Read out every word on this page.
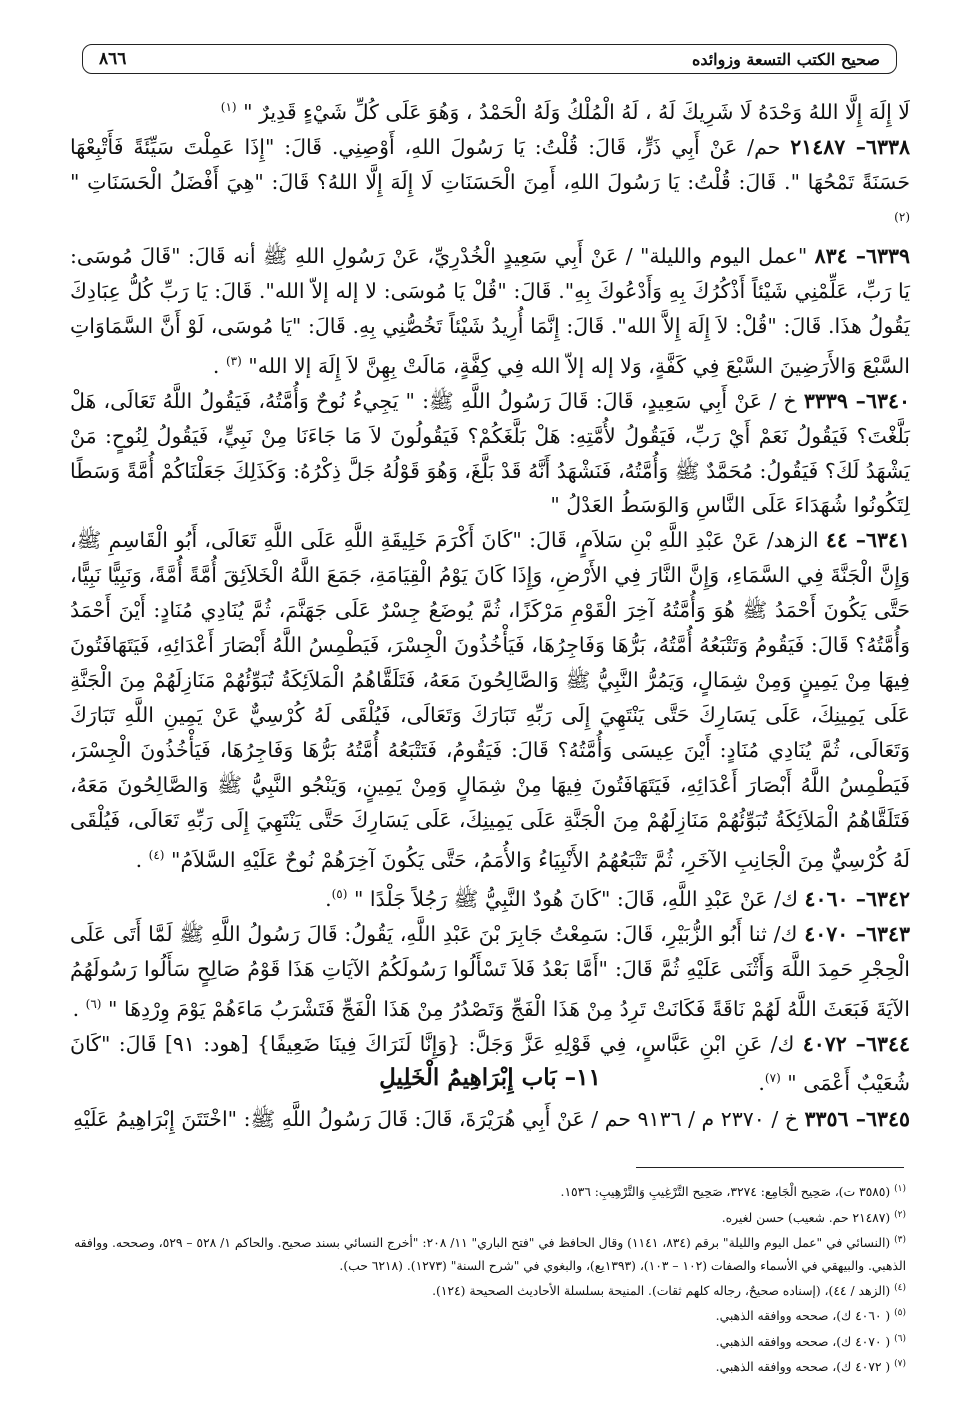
صحيح الكتب التسعة وزوائده
٨٦٦

لَا إِلَهَ إِلَّا اللهُ وَحْدَهُ لَا شَرِيكَ لَهُ ، لَهُ الْمُلْكُ وَلَهُ الْحَمْدُ ، وَهُوَ عَلَى كُلِّ شَيْءٍ قَدِيرٌ " $^{(١)}$

٦٣٣٨– ٢١٤٨٧ حم/ عَنْ أَبِي ذَرٍّ، قَالَ: قُلْتُ: يَا رَسُولَ اللهِ، أَوْصِنِي. قَالَ: "إِذَا عَمِلْتَ سَيِّئَةً فَأَتْبِعْهَا حَسَنَةً تَمْحُهَا ". قَالَ: قُلْتُ: يَا رَسُولَ اللهِ، أَمِنَ الْحَسَنَاتِ لَا إِلَهَ إِلَّا اللهُ؟ قَالَ: "هِيَ أَفْضَلُ الْحَسَنَاتِ " $^{(٢)}$

٦٣٣٩– ٨٣٤ "عمل اليوم والليلة" / عَنْ أَبِي سَعِيدٍ الْخُدْرِيِّ، عَنْ رَسُولِ اللهِ ﷺ أنه قَالَ: "قَالَ مُوسَى: يَا رَبِّ، عَلِّمْنِي شَيْئاً أَذْكُرُكَ بِهِ وَأَدْعُوكَ بِهِ". قَالَ: "قُلْ يَا مُوسَى: لا إله إلاّ الله". قَالَ: يَا رَبِّ كُلُّ عِبَادِكَ يَقُولُ هذَا. قَالَ: "قُلْ: لاَ إِلَهَ إِلاَّ الله". قَالَ: إِنَّمَا أُرِيدُ شَيْئاً تَخُصُّنِي بِهِ. قَالَ: "يَا مُوسَى، لَوْ أَنَّ السَّمَاوَاتِ السَّبْعَ وَالأَرَضِينَ السَّبْعَ فِي كَفَّةٍ، وَلا إله إلاّ الله فِي كِفَّةٍ، مَالَتْ بِهِنَّ لاَ إِلَهَ إلا الله" $^{(٣)}$ .

٦٣٤٠– ٣٣٣٩ خ / عَنْ أَبِي سَعِيدٍ، قَالَ: قَالَ رَسُولُ اللَّهِ ﷺ: " يَجِيءُ نُوحٌ وَأُمَّتُهُ، فَيَقُولُ اللَّهُ تَعَالَى، هَلْ بَلَّغْتَ؟ فَيَقُولُ نَعَمْ أَيْ رَبِّ، فَيَقُولُ لأُمَّتِهِ: هَلْ بَلَّغَكُمْ؟ فَيَقُولُونَ لاَ مَا جَاءَنَا مِنْ نَبِيٍّ، فَيَقُولُ لِنُوحٍ: مَنْ يَشْهَدُ لَكَ؟ فَيَقُولُ: مُحَمَّدٌ ﷺ وَأُمَّتُهُ، فَنَشْهَدُ أَنَّهُ قَدْ بَلَّغَ، وَهُوَ قَوْلُهُ جَلَّ ذِكْرُهُ: وَكَذَلِكَ جَعَلْنَاكُمْ أُمَّةً وَسَطًا لِتَكُونُوا شُهَدَاءَ عَلَى النَّاسِ وَالوَسَطُ العَدْلُ "

٦٣٤١– ٤٤ الزهد/ عَنْ عَبْدِ اللَّهِ بْنِ سَلاَمٍ، قَالَ: "كَانَ أَكْرَمَ خَلِيقَةِ اللَّهِ عَلَى اللَّهِ تَعَالَى، أَبُو الْقَاسِمِ ﷺ، وَإِنَّ الْجَنَّةَ فِي السَّمَاءِ، وَإِنَّ النَّارَ فِي الأَرْضِ، وَإِذَا كَانَ يَوْمُ الْقِيَامَةِ، جَمَعَ اللَّهُ الْخَلاَئِقَ أُمَّةً أُمَّةً، وَنَبِيًّا نَبِيًّا، حَتَّى يَكُونَ أَحْمَدُ ﷺ هُوَ وَأُمَّتُهُ آخِرَ الْقَوْمِ مَرْكَزًا، ثُمَّ يُوضَعُ جِسْرٌ عَلَى جَهَنَّمَ، ثُمَّ يُنَادِي مُنَادٍ: أَيْنَ أَحْمَدُ وَأُمَّتُهُ؟ قَالَ: فَيَقُومُ وَتَتْبَعُهُ أُمَّتُهُ، بَرُّهَا وَفَاجِرُهَا، فَيَأْخُذُونَ الْجِسْرَ، فَيَطْمِسُ اللَّهُ أَبْصَارَ أَعْدَائِهِ، فَيَتَهَافَتُونَ فِيهَا مِنْ يَمِينٍ وَمِنْ شِمَالٍ، وَيَمُرُّ النَّبِيُّ ﷺ وَالصَّالِحُونَ مَعَهُ، فَتَلَقَّاهُمُ الْمَلاَئِكَةُ تُبَوِّئُهُمْ مَنَازِلَهُمْ مِنَ الْجَنَّةِ عَلَى يَمِينِكَ، عَلَى يَسَارِكَ حَتَّى يَنْتَهِيَ إِلَى رَبِّهِ تَبَارَكَ وَتَعَالَى، فَيُلْقَى لَهُ كُرْسِيٌّ عَنْ يَمِينِ اللَّهِ تَبَارَكَ وَتَعَالَى، ثُمَّ يُنَادِي مُنَادٍ: أَيْنَ عِيسَى وَأُمَّتُهُ؟ قَالَ: فَيَقُومُ، فَتَتْبَعُهُ أُمَّتُهُ بَرُّهَا وَفَاجِرُهَا، فَيَأْخُذُونَ الْجِسْرَ، فَيَطْمِسُ اللَّهُ أَبْصَارَ أَعْدَائِهِ، فَيَتَهَافَتُونَ فِيهَا مِنْ شِمَالٍ وَمِنْ يَمِينٍ، وَيَنْجُو النَّبِيُّ ﷺ وَالصَّالِحُونَ مَعَهُ، فَتَلَقَّاهُمُ الْمَلاَئِكَةُ تُبَوِّئُهُمْ مَنَازِلَهُمْ مِنَ الْجَنَّةِ عَلَى يَمِينِكَ، عَلَى يَسَارِكَ حَتَّى يَنْتَهِيَ إِلَى رَبِّهِ تَعَالَى، فَيُلْقَى لَهُ كُرْسِيٌّ مِنَ الْجَانِبِ الآخَرِ، ثُمَّ تَتْبَعُهُمُ الأَنْبِيَاءُ وَالأُمَمُ، حَتَّى يَكُونَ آخِرَهُمْ نُوحٌ عَلَيْهِ السَّلاَمُ" $^{(٤)}$ .

٦٣٤٢– ٤٠٦٠ ك/ عَنْ عَبْدِ اللَّهِ، قَالَ: "كَانَ هُودٌ النَّبِيُّ ﷺ رَجُلاً جَلْدًا " $^{(٥)}$.

٦٣٤٣– ٤٠٧٠ ك/ ثنا أَبُو الزُّبَيْرِ، قَالَ: سَمِعْتُ جَابِرَ بْنَ عَبْدِ اللَّهِ، يَقُولُ: قَالَ رَسُولُ اللَّهِ ﷺ لَمَّا أَتَى عَلَى الْحِجْرِ حَمِدَ اللَّهَ وَأَثْنَى عَلَيْهِ ثُمَّ قَالَ: "أَمَّا بَعْدُ فَلاَ تَسْأَلُوا رَسُولَكُمُ الآيَاتِ هَذَا قَوْمُ صَالِحٍ سَأَلُوا رَسُولَهُمُ الآيَةَ فَبَعَثَ اللَّهُ لَهُمْ نَاقَةً فَكَانَتْ تَرِدُ مِنْ هَذَا الْفَجِّ وَتَصْدُرُ مِنْ هَذَا الْفَجِّ فَتَشْرَبُ مَاءَهُمْ يَوْمَ وِرْدِهَا " $^{(٦)}$ .

٦٣٤٤– ٤٠٧٢ ك/ عَنِ ابْنِ عَبَّاسٍ، فِي قَوْلِهِ عَزَّ وَجَلَّ: {وَإِنَّا لَنَرَاكَ فِينَا ضَعِيفًا} [هود: ٩١] قَالَ: "كَانَ شُعَيْبٌ أَعْمَى " $^{(٧)}$.

١١– بَاب إِبْرَاهِيمُ الْخَلِيلِ
٦٣٤٥– ٣٣٥٦ خ / ٢٣٧٠ م / ٩١٣٦ حم / عَنْ أَبِي هُرَيْرَةَ، قَالَ: قَالَ رَسُولُ اللَّهِ ﷺ: "اخْتَتَنَ إِبْرَاهِيمُ عَلَيْهِ

$^{(١)}$ (٣٥٨٥ ت)، صَحِيح الْجَامِع: ٣٢٧٤، صَحِيح التَّرْغِيبِ وَالتَّرْهِيبِ: ١٥٣٦.

$^{(٢)}$ (٢١٤٨٧ حم. شعيب) حسن لغيره.

$^{(٣)}$ (النسائي في "عمل اليوم والليلة" برقم (٨٣٤، ١١٤١) وقال الحافظ في "فتح الباري" ١١/ ٢٠٨: "أخرج النسائي بسند صحيح. والحاكم ١/ ٥٢٨ – ٥٢٩، وصححه. ووافقه الذهبي. والبيهقي في الأسماء والصفات (١٠٢ – ١٠٣)، (١٣٩٣يع)، والبغوي في "شرح السنة" (١٢٧٣). (٦٢١٨ حب).

$^{(٤)}$ (الزهد / ٤٤)، (إسناده صحيحٌ، رجاله كلهم ثقات). المنيحة بسلسلة الأحاديث الصحيحة (١٢٤).

$^{(٥)}$ ( ٤٠٦٠ ك)، صححه ووافقه الذهبي.

$^{(٦)}$ ( ٤٠٧٠ ك)، صححه ووافقه الذهبي.

$^{(٧)}$ ( ٤٠٧٢ ك)، صححه ووافقه الذهبي.
